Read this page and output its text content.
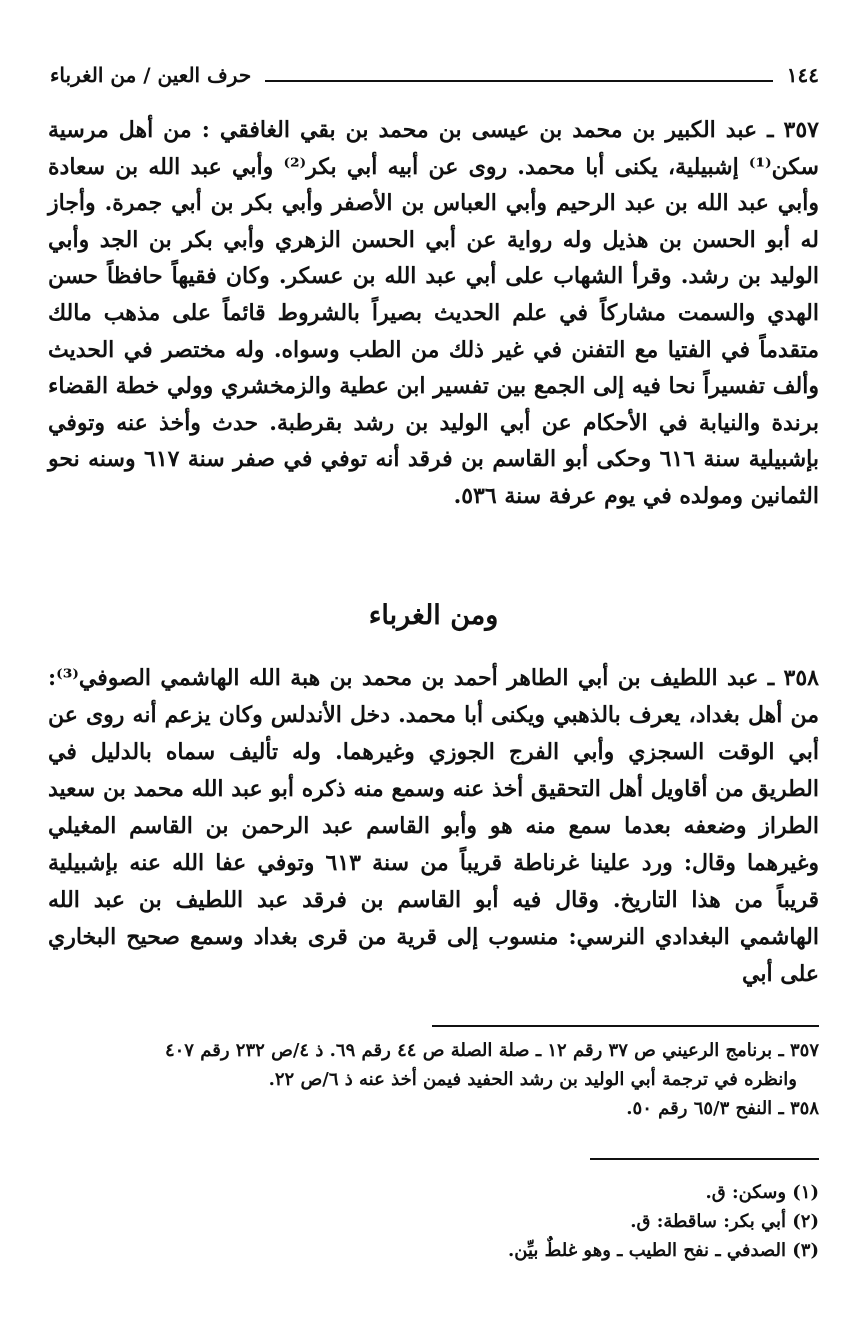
١٤٤
حرف العين / من الغرباء

٣٥٧ ـ عبد الكبير بن محمد بن عيسى بن محمد بن بقي الغافقي : من أهل مرسية سكن⁽¹⁾ إشبيلية، يكنى أبا محمد. روى عن أبيه أبي بكر⁽²⁾ وأبي عبد الله بن سعادة وأبي عبد الله بن عبد الرحيم وأبي العباس بن الأصفر وأبي بكر بن أبي جمرة. وأجاز له أبو الحسن بن هذيل وله رواية عن أبي الحسن الزهري وأبي بكر بن الجد وأبي الوليد بن رشد. وقرأ الشهاب على أبي عبد الله بن عسكر. وكان فقيهاً حافظاً حسن الهدي والسمت مشاركاً في علم الحديث بصيراً بالشروط قائماً على مذهب مالك متقدماً في الفتيا مع التفنن في غير ذلك من الطب وسواه. وله مختصر في الحديث وألف تفسيراً نحا فيه إلى الجمع بين تفسير ابن عطية والزمخشري وولي خطة القضاء برندة والنيابة في الأحكام عن أبي الوليد بن رشد بقرطبة. حدث وأخذ عنه وتوفي بإشبيلية سنة ٦١٦ وحكى أبو القاسم بن فرقد أنه توفي في صفر سنة ٦١٧ وسنه نحو الثمانين ومولده في يوم عرفة سنة ٥٣٦.

ومن الغرباء

٣٥٨ ـ عبد اللطيف بن أبي الطاهر أحمد بن محمد بن هبة الله الهاشمي الصوفي⁽³⁾: من أهل بغداد، يعرف بالذهبي ويكنى أبا محمد. دخل الأندلس وكان يزعم أنه روى عن أبي الوقت السجزي وأبي الفرج الجوزي وغيرهما. وله تأليف سماه بالدليل في الطريق من أقاويل أهل التحقيق أخذ عنه وسمع منه ذكره أبو عبد الله محمد بن سعيد الطراز وضعفه بعدما سمع منه هو وأبو القاسم عبد الرحمن بن القاسم المغيلي وغيرهما وقال: ورد علينا غرناطة قريباً من سنة ٦١٣ وتوفي عفا الله عنه بإشبيلية قريباً من هذا التاريخ. وقال فيه أبو القاسم بن فرقد عبد اللطيف بن عبد الله الهاشمي البغدادي النرسي: منسوب إلى قرية من قرى بغداد وسمع صحيح البخاري على أبي

٣٥٧ ـ برنامج الرعيني ص ٣٧ رقم ١٢ ـ صلة الصلة ص ٤٤ رقم ٦٩. ذ ٤/ص ٢٣٢ رقم ٤٠٧
وانظره في ترجمة أبي الوليد بن رشد الحفيد فيمن أخذ عنه ذ ٦/ص ٢٢.
٣٥٨ ـ النفح ٦٥/٣ رقم ٥٠.
(١) وسكن: ق.
(٢) أبي بكر: ساقطة: ق.
(٣) الصدفي ـ نفح الطيب ـ وهو غلطٌ بيِّن.
